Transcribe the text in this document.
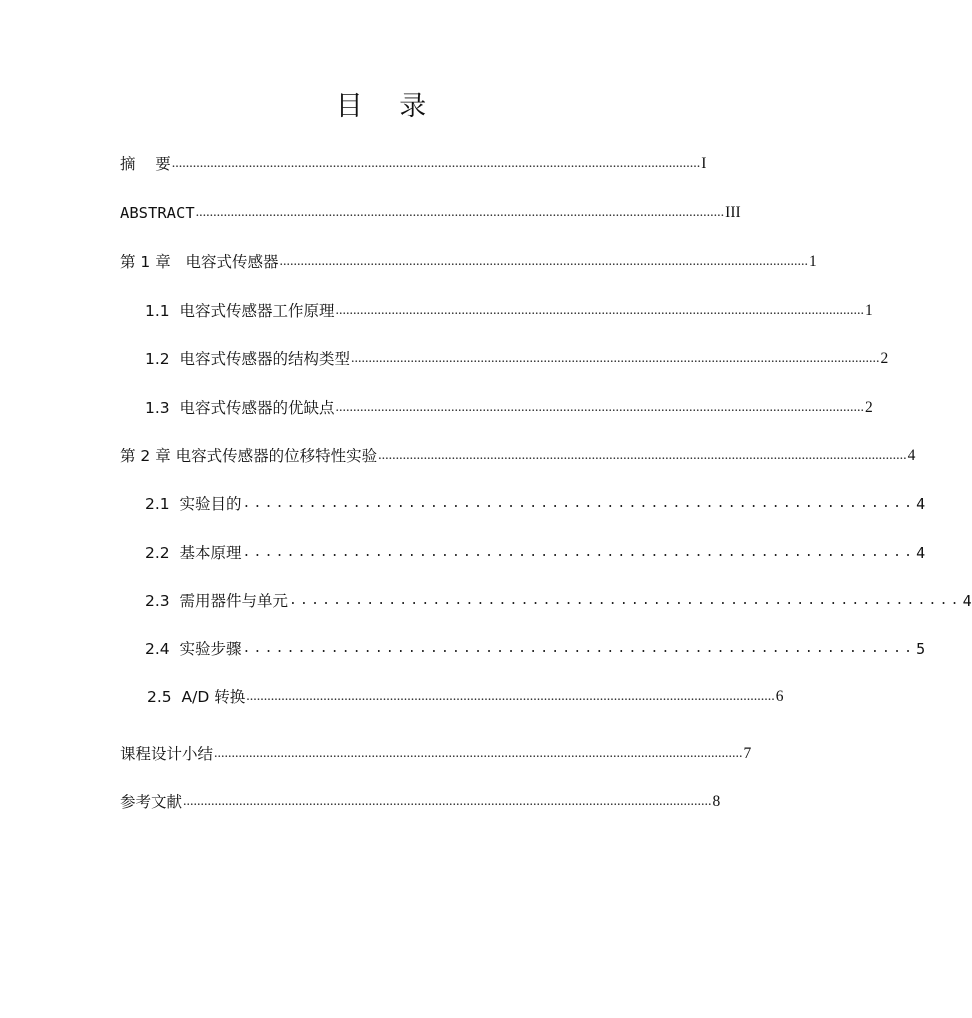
目 录
摘    要 ....................................................................................................................................................... I
ABSTRACT ....................................................................................................................................................... III
第 1 章   电容式传感器 ....................................................................................................................................................... 1
1.1  电容式传感器工作原理 ....................................................................................................................................................... 1
1.2  电容式传感器的结构类型 ....................................................................................................................................................... 2
1.3  电容式传感器的优缺点 ....................................................................................................................................................... 2
第 2 章 电容式传感器的位移特性实验 ....................................................................................................................................................... 4
2.1  实验目的 ............................................................. 4
2.2  基本原理 ............................................................. 4
2.3  需用器件与单元 ............................................................. 4
2.4  实验步骤 ............................................................. 5
2.5  A/D 转换 ....................................................................................................................................................... 6
课程设计小结 ....................................................................................................................................................... 7
参考文献 ....................................................................................................................................................... 8
